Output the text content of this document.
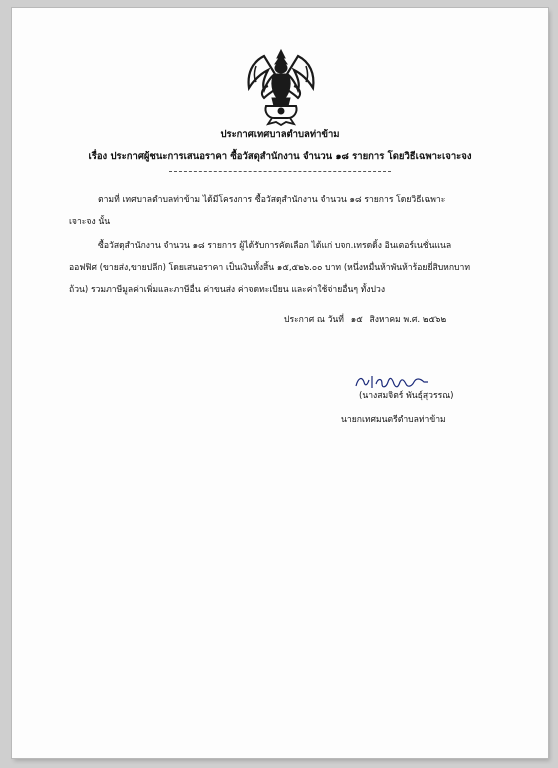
ประกาศเทศบาลตำบลท่าข้าม
เรื่อง ประกาศผู้ชนะการเสนอราคา ซื้อวัสดุสำนักงาน จำนวน ๑๘ รายการ โดยวิธีเฉพาะเจาะจง
ตามที่ เทศบาลตำบลท่าข้าม ได้มีโครงการ ซื้อวัสดุสำนักงาน จำนวน ๑๘ รายการ โดยวิธีเฉพาะ
เจาะจง นั้น
ซื้อวัสดุสำนักงาน จำนวน ๑๘ รายการ ผู้ได้รับการคัดเลือก ได้แก่ บจก.เทรดดิ้ง อินเตอร์เนชั่นแนล
ออฟฟิศ (ขายส่ง,ขายปลีก) โดยเสนอราคา เป็นเงินทั้งสิ้น ๑๕,๕๒๖.๐๐ บาท (หนึ่งหมื่นห้าพันห้าร้อยยี่สิบหกบาท
ถ้วน) รวมภาษีมูลค่าเพิ่มและภาษีอื่น ค่าขนส่ง ค่าจดทะเบียน และค่าใช้จ่ายอื่นๆ ทั้งปวง
ประกาศ ณ วันที่ ๑๕ สิงหาคม พ.ศ. ๒๕๖๒
(นางสมจิตร์ พันธุ์สุวรรณ)
นายกเทศมนตรีตำบลท่าข้าม
